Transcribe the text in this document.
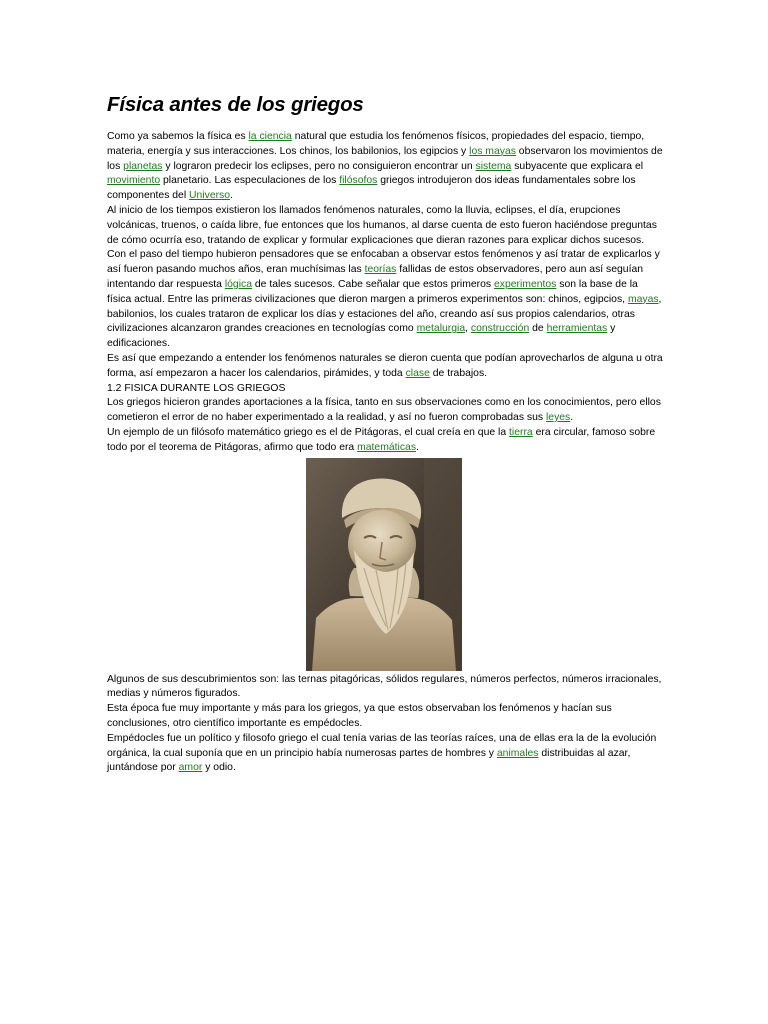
Física antes de los griegos

Como ya sabemos la física es la ciencia natural que estudia los fenómenos físicos, propiedades del espacio, tiempo, materia, energía y sus interacciones. Los chinos, los babilonios, los egipcios y los mayas observaron los movimientos de los planetas y lograron predecir los eclipses, pero no consiguieron encontrar un sistema subyacente que explicara el movimiento planetario. Las especulaciones de los filósofos griegos introdujeron dos ideas fundamentales sobre los componentes del Universo.

Al inicio de los tiempos existieron los llamados fenómenos naturales, como la lluvia, eclipses, el día, erupciones volcánicas, truenos, o caída libre, fue entonces que los humanos, al darse cuenta de esto fueron haciéndose preguntas de cómo ocurría eso, tratando de explicar y formular explicaciones que dieran razones para explicar dichos sucesos. Con el paso del tiempo hubieron pensadores que se enfocaban a observar estos fenómenos y así tratar de explicarlos y así fueron pasando muchos años, eran muchísimas las teorías fallidas de estos observadores, pero aun así seguían intentando dar respuesta lógica de tales sucesos. Cabe señalar que estos primeros experimentos son la base de la física actual. Entre las primeras civilizaciones que dieron margen a primeros experimentos son: chinos, egipcios, mayas, babilonios, los cuales trataron de explicar los días y estaciones del año, creando así sus propios calendarios, otras civilizaciones alcanzaron grandes creaciones en tecnologías como metalurgia, construcción de herramientas y edificaciones.

Es así que empezando a entender los fenómenos naturales se dieron cuenta que podían aprovecharlos de alguna u otra forma, así empezaron a hacer los calendarios, pirámides, y toda clase de trabajos.

1.2 FISICA DURANTE LOS GRIEGOS

Los griegos hicieron grandes aportaciones a la física, tanto en sus observaciones como en los conocimientos, pero ellos cometieron el error de no haber experimentado a la realidad, y así no fueron comprobadas sus leyes.

Un ejemplo de un filósofo matemático griego es el de Pitágoras, el cual creía en que la tierra era circular, famoso sobre todo por el teorema de Pitágoras, afirmo que todo era matemáticas.

Algunos de sus descubrimientos son: las ternas pitagóricas, sólidos regulares, números perfectos, números irracionales, medias y números figurados.

Esta época fue muy importante y más para los griegos, ya que estos observaban los fenómenos y hacían sus conclusiones, otro científico importante es empédocles.

Empédocles fue un político y filosofo griego el cual tenía varias de las teorías raíces, una de ellas era la de la evolución orgánica, la cual suponía que en un principio había numerosas partes de hombres y animales distribuidas al azar, juntándose por amor y odio.
